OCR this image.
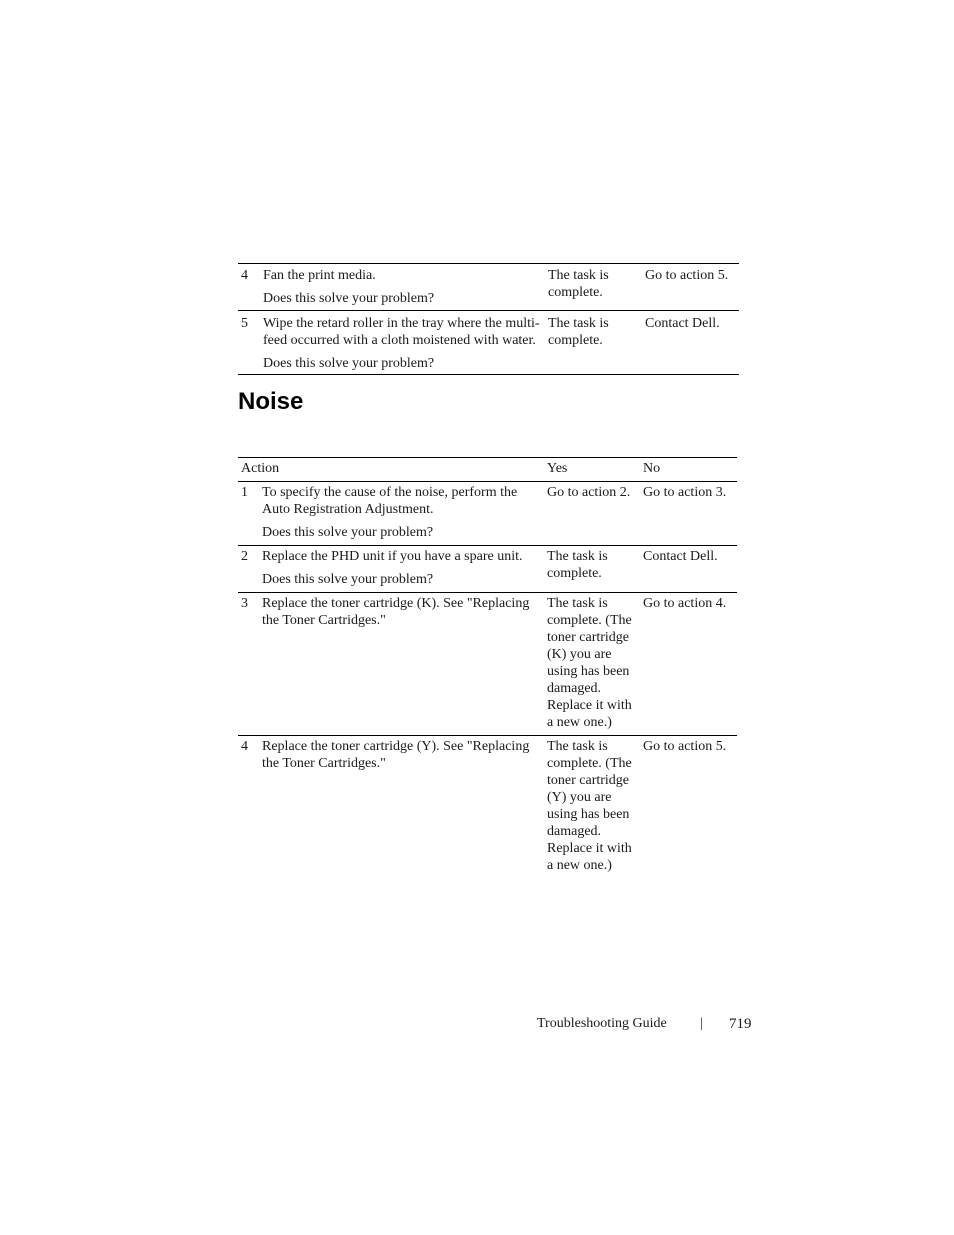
4 Fan the print media.

Does this solve your problem?

The task is complete.
Go to action 5.
5 Wipe the retard roller in the tray where the multi-feed occurred with a cloth moistened with water.

Does this solve your problem?

The task is complete.
Contact Dell.
Noise
Action	Yes	No
1 To specify the cause of the noise, perform the Auto Registration Adjustment.

Does this solve your problem?

Go to action 2. Go to action 3.
2 Replace the PHD unit if you have a spare unit.

Does this solve your problem?

The task is complete.
Contact Dell.
3 Replace the toner cartridge (K). See "Replacing the Toner Cartridges."

The task is complete. (The toner cartridge (K) you are using has been damaged. Replace it with a new one.)
Go to action 4.
4 Replace the toner cartridge (Y). See "Replacing the Toner Cartridges."

The task is complete. (The toner cartridge (Y) you are using has been damaged. Replace it with a new one.)
Go to action 5.
Troubleshooting Guide | 719
